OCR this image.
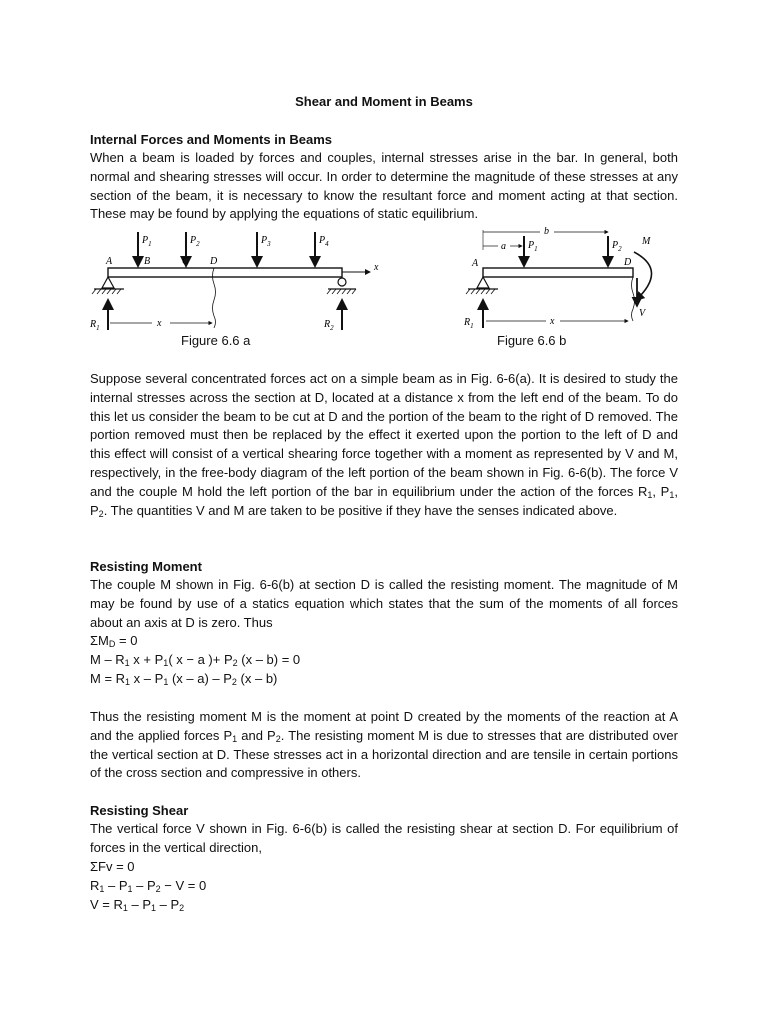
Shear and Moment in Beams
Internal Forces and Moments in Beams

When a beam is loaded by forces and couples, internal stresses arise in the bar. In general, both normal and shearing stresses will occur. In order to determine the magnitude of these stresses at any section of the beam, it is necessary to know the resultant force and moment acting at that section. These may be found by applying the equations of static equilibrium.

$P_1$	$P_2$	$P_3$	$P_4$
A	B	C D
x
$R_1$	$R_2$
x
Figure 6.6 a
b
a $P_1$	$P_2$
M
A	D
V
$R_1$	x
Figure 6.6 b

Suppose several concentrated forces act on a simple beam as in Fig. 6-6(a). It is desired to study the internal stresses across the section at D, located at a distance x from the left end of the beam. To do this let us consider the beam to be cut at D and the portion of the beam to the right of D removed. The portion removed must then be replaced by the effect it exerted upon the portion to the left of D and this effect will consist of a vertical shearing force together with a moment as represented by V and M, respectively, in the free-body diagram of the left portion of the beam shown in Fig. 6-6(b). The force V and the couple M hold the left portion of the bar in equilibrium under the action of the forces $R_1$, $P_1$, $P_2$. The quantities V and M are taken to be positive if they have the senses indicated above.

Resisting Moment

The couple M shown in Fig. 6-6(b) at section D is called the resisting moment. The magnitude of M may be found by use of a statics equation which states that the sum of the moments of all forces about an axis at D is zero. Thus

$\Sigma M_D = 0$
M – $R_1$ $x + P_1$( x − a )+ $P_2$ (x – b) = 0
$M = R_1$ x – $P_1$ $(x - a) - P_2$ (x – b)

Thus the resisting moment M is the moment at point D created by the moments of the reaction at A and the applied forces $P_1$ and $P_2$. The resisting moment M is due to stresses that are distributed over the vertical section at D. These stresses act in a horizontal direction and are tensile in certain portions of the cross section and compressive in others.

Resisting Shear

The vertical force V shown in Fig. 6-6(b) is called the resisting shear at section D. For equilibrium of forces in the vertical direction,

ΣFv = 0
$R_1 - P_1 - P_2 - V = 0$
$V = R_1 - P_1 - P_2$
